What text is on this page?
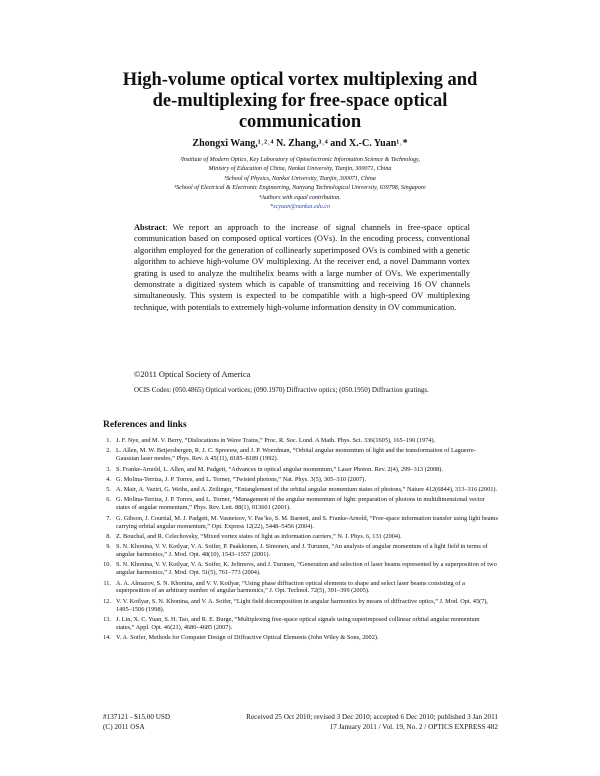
High-volume optical vortex multiplexing and
de-multiplexing for free-space optical
communication
Zhongxi Wang,¹˒²˒⁴ N. Zhang,³˒⁴ and X.-C. Yuan¹˒*
¹Institute of Modern Optics, Key Laboratory of Optoelectronic Information Science & Technology,
Ministry of Education of China, Nankai University, Tianjin, 300071, China
³School of Physics, Nankai University, Tianjin, 300071, China
³School of Electrical & Electronic Engineering, Nanyang Technological University, 639798, Singapore
⁴Authors with equal contribution.
*xcyuan@nankai.edu.cn
Abstract: We report an approach to the increase of signal channels in free-space optical communication based on composed optical vortices (OVs). In the encoding process, conventional algorithm employed for the generation of collinearly superimposed OVs is combined with a genetic algorithm to achieve high-volume OV multiplexing. At the receiver end, a novel Dammann vortex grating is used to analyze the multihelix beams with a large number of OVs. We experimentally demonstrate a digitized system which is capable of transmitting and receiving 16 OV channels simultaneously. This system is expected to be compatible with a high-speed OV multiplexing technique, with potentials to extremely high-volume information density in OV communication.
©2011 Optical Society of America
OCIS Codes: (050.4865) Optical vortices; (090.1970) Diffractive optics; (050.1950) Diffraction gratings.
References and links
1. J. F. Nye, and M. V. Berry, “Dislocations in Wave Trains,” Proc. R. Soc. Lond. A Math. Phys. Sci. 336(1605), 165–190 (1974).
2. L. Allen, M. W. Beijersbergen, R. J. C. Spreeuw, and J. P. Woerdman, “Orbital angular momentum of light and the transformation of Laguerre-Gaussian laser modes,” Phys. Rev. A 45(11), 8185–8189 (1992).
3. S. Franke-Arnold, L. Allen, and M. Padgett, “Advances in optical angular momentum,” Laser Photon. Rev. 2(4), 299–313 (2008).
4. G. Molina-Terriza, J. P. Torres, and L. Torner, “Twisted photons,” Nat. Phys. 3(5), 305–310 (2007).
5. A. Mair, A. Vaziri, G. Weihs, and A. Zeilinger, “Entanglement of the orbital angular momentum states of photons,” Nature 412(6844), 313–316 (2001).
6. G. Molina-Terriza, J. P. Torres, and L. Torner, “Management of the angular momentum of light: preparation of photons in multidimensional vector states of angular momentum,” Phys. Rev. Lett. 88(1), 013601 (2001).
7. G. Gibson, J. Courtial, M. J. Padgett, M. Vasnetsov, V. Pas’ko, S. M. Barnett, and S. Franke-Arnold, “Free-space information transfer using light beams carrying orbital angular momentum,” Opt. Express 12(22), 5448–5456 (2004).
8. Z. Bouchal, and R. Celechovsky, “Mixed vortex states of light as information carriers,” N. J. Phys. 6, 131 (2004).
9. S. N. Khonina, V. V. Kotlyar, V. A. Soifer, P. Paakkonen, J. Simonen, and J. Turunen, “An analysis of angular momentum of a light field in terms of angular harmonics,” J. Mod. Opt. 48(10), 1543–1557 (2001).
10. S. N. Khonina, V. V. Kotlyar, V. A. Soifer, K. Jefimovs, and J. Turunen, “Generation and selection of laser beams represented by a superposition of two angular harmonics,” J. Mod. Opt. 51(5), 761–773 (2004).
11. A. A. Almazov, S. N. Khonina, and V. V. Kotlyar, “Using phase diffraction optical elements to shape and select laser beams consisting of a superposition of an arbitrary number of angular harmonics,” J. Opt. Technol. 72(5), 391–399 (2005).
12. V. V. Kotlyar, S. N. Khonina, and V. A. Soifer, “Light field decomposition in angular harmonics by means of diffractive optics,” J. Mod. Opt. 45(7), 1495–1506 (1998).
13. J. Lin, X. C. Yuan, S. H. Tao, and R. E. Burge, “Multiplexing free-space optical signals using superimposed collinear orbital angular momentum states,” Appl. Opt. 46(21), 4680–4685 (2007).
14. V. A. Soifer, Methods for Computer Design of Diffractive Optical Elements (John Wiley & Sons, 2002).
#137121 - $15.00 USD	Received 25 Oct 2010; revised 3 Dec 2010; accepted 6 Dec 2010; published 3 Jan 2011
(C) 2011 OSA	17 January 2011 / Vol. 19, No. 2 / OPTICS EXPRESS 482
